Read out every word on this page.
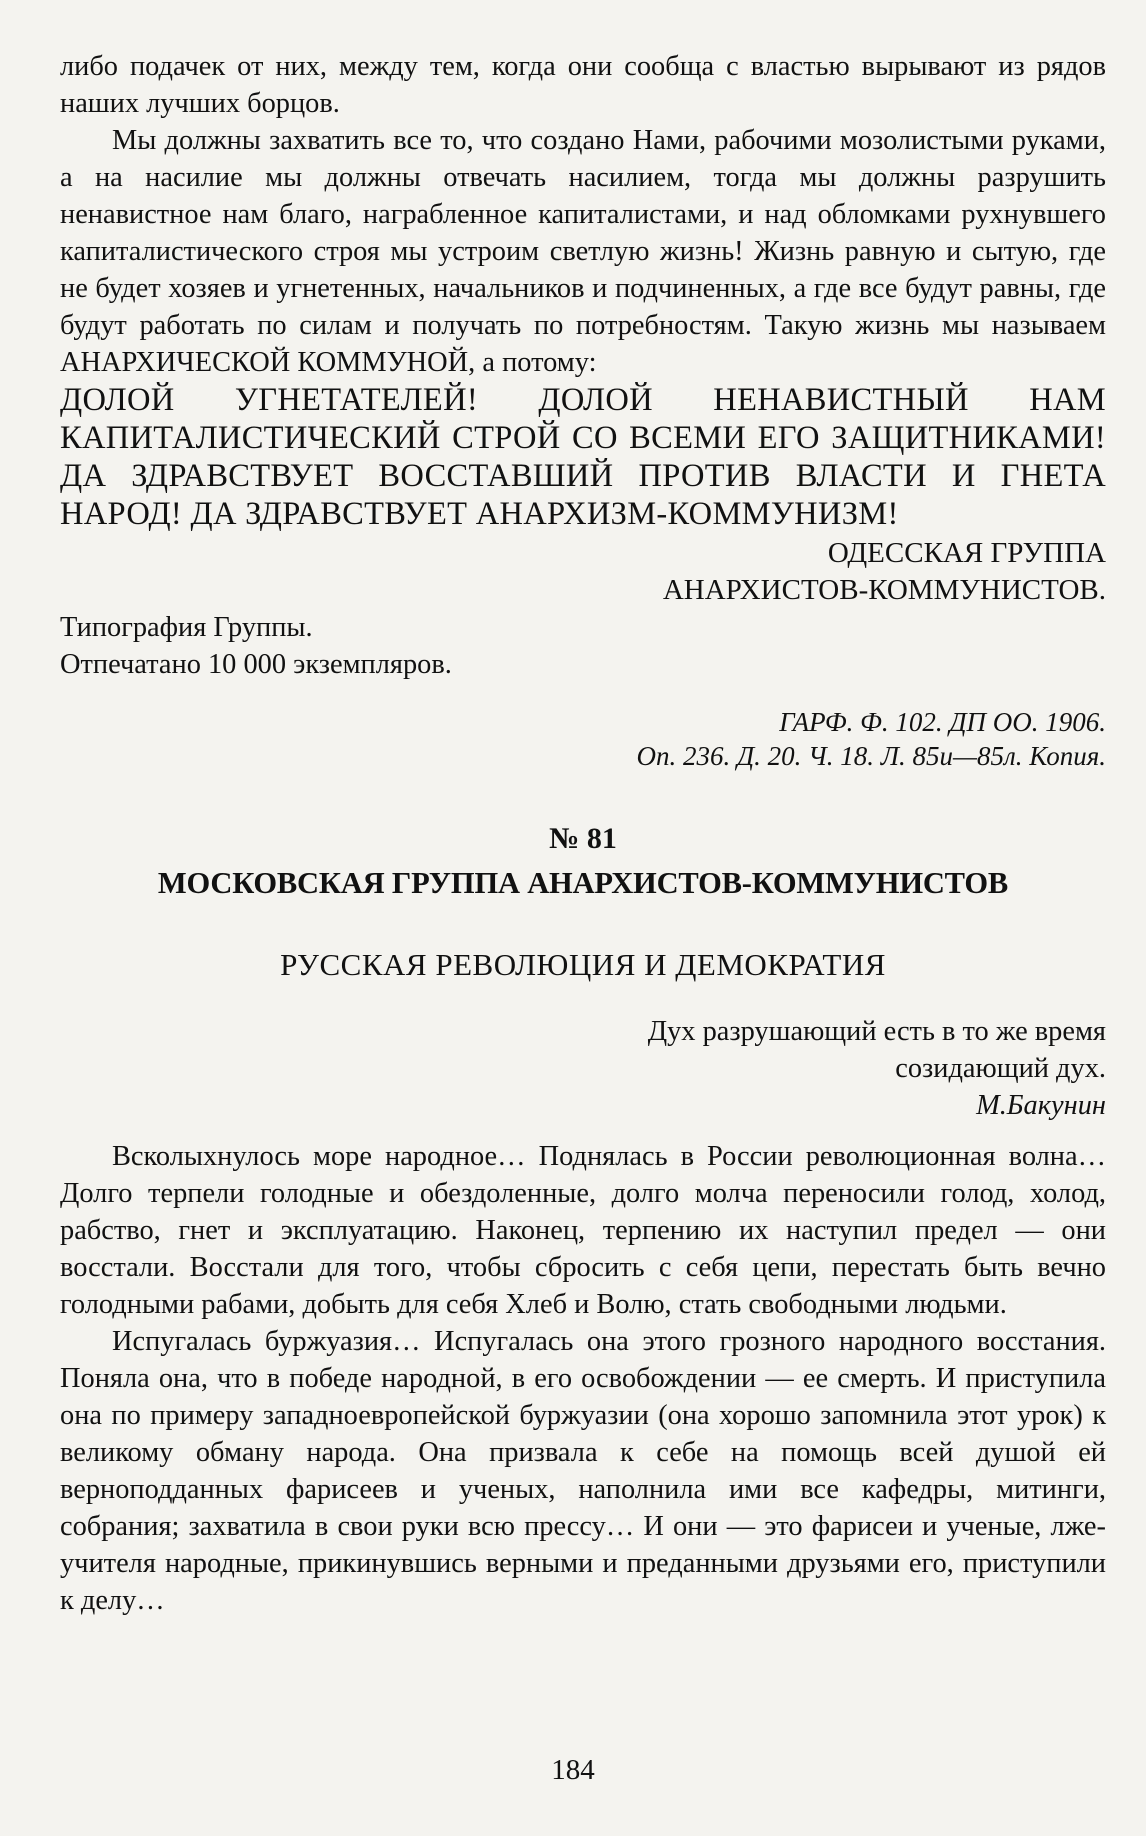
либо подачек от них, между тем, когда они сообща с властью вырывают из рядов наших лучших борцов.

Мы должны захватить все то, что создано Нами, рабочими мозолистыми руками, а на насилие мы должны отвечать насилием, тогда мы должны разрушить ненавистное нам благо, награбленное капиталистами, и над обломками рухнувшего капиталистического строя мы устроим светлую жизнь! Жизнь равную и сытую, где не будет хозяев и угнетенных, начальников и подчиненных, а где все будут равны, где будут работать по силам и получать по потребностям. Такую жизнь мы называем АНАРХИЧЕСКОЙ КОММУНОЙ, а потому:

ДОЛОЙ УГНЕТАТЕЛЕЙ! ДОЛОЙ НЕНАВИСТНЫЙ НАМ КАПИТАЛИСТИЧЕСКИЙ СТРОЙ СО ВСЕМИ ЕГО ЗАЩИТНИКАМИ! ДА ЗДРАВСТВУЕТ ВОССТАВШИЙ ПРОТИВ ВЛАСТИ И ГНЕТА НАРОД! ДА ЗДРАВСТВУЕТ АНАРХИЗМ-КОММУНИЗМ!

ОДЕССКАЯ ГРУППА
АНАРХИСТОВ-КОММУНИСТОВ.
Типография Группы.
Отпечатано 10 000 экземпляров.
ГАРФ. Ф. 102. ДП ОО. 1906.
Оп. 236. Д. 20. Ч. 18. Л. 85и—85л. Копия.
№ 81
МОСКОВСКАЯ ГРУППА АНАРХИСТОВ-КОММУНИСТОВ
РУССКАЯ РЕВОЛЮЦИЯ И ДЕМОКРАТИЯ
Дух разрушающий есть в то же время
созидающий дух.
М.Бакунин

Всколыхнулось море народное… Поднялась в России революционная волна… Долго терпели голодные и обездоленные, долго молча переносили голод, холод, рабство, гнет и эксплуатацию. Наконец, терпению их наступил предел — они восстали. Восстали для того, чтобы сбросить с себя цепи, перестать быть вечно голодными рабами, добыть для себя Хлеб и Волю, стать свободными людьми.

Испугалась буржуазия… Испугалась она этого грозного народного восстания. Поняла она, что в победе народной, в его освобождении — ее смерть. И приступила она по примеру западноевропейской буржуазии (она хорошо запомнила этот урок) к великому обману народа. Она призвала к себе на помощь всей душой ей верноподданных фарисеев и ученых, наполнила ими все кафедры, митинги, собрания; захватила в свои руки всю прессу… И они — это фарисеи и ученые, лже-учителя народные, прикинувшись верными и преданными друзьями его, приступили к делу…

184
